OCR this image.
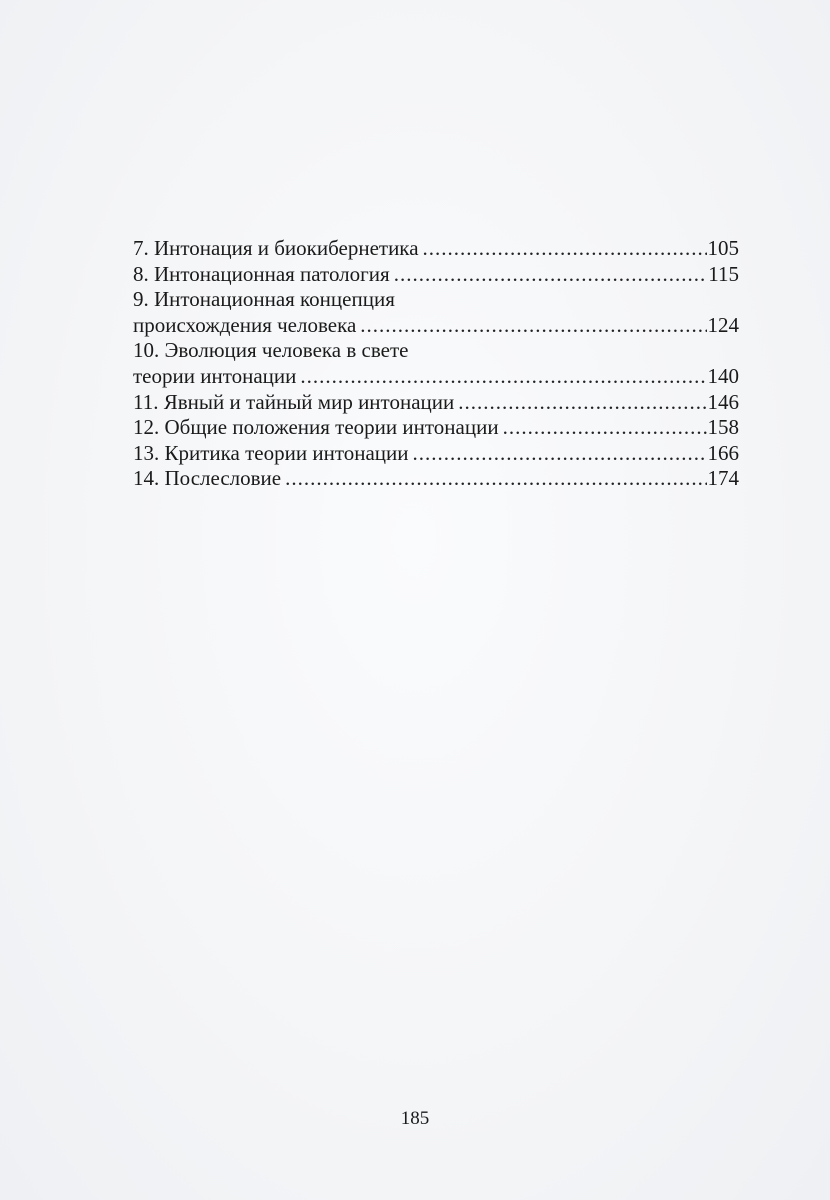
7. Интонация и биокибернетика .....	105
8. Интонационная патология .....	115
9. Интонационная концепция
происхождения человека .....	124
10. Эволюция человека в свете
теории интонации .....	140
11. Явный и тайный мир интонации .....	146
12. Общие положения теории интонации .....	158
13. Критика теории интонации .....	166
14. Послесловие .....	174
185
